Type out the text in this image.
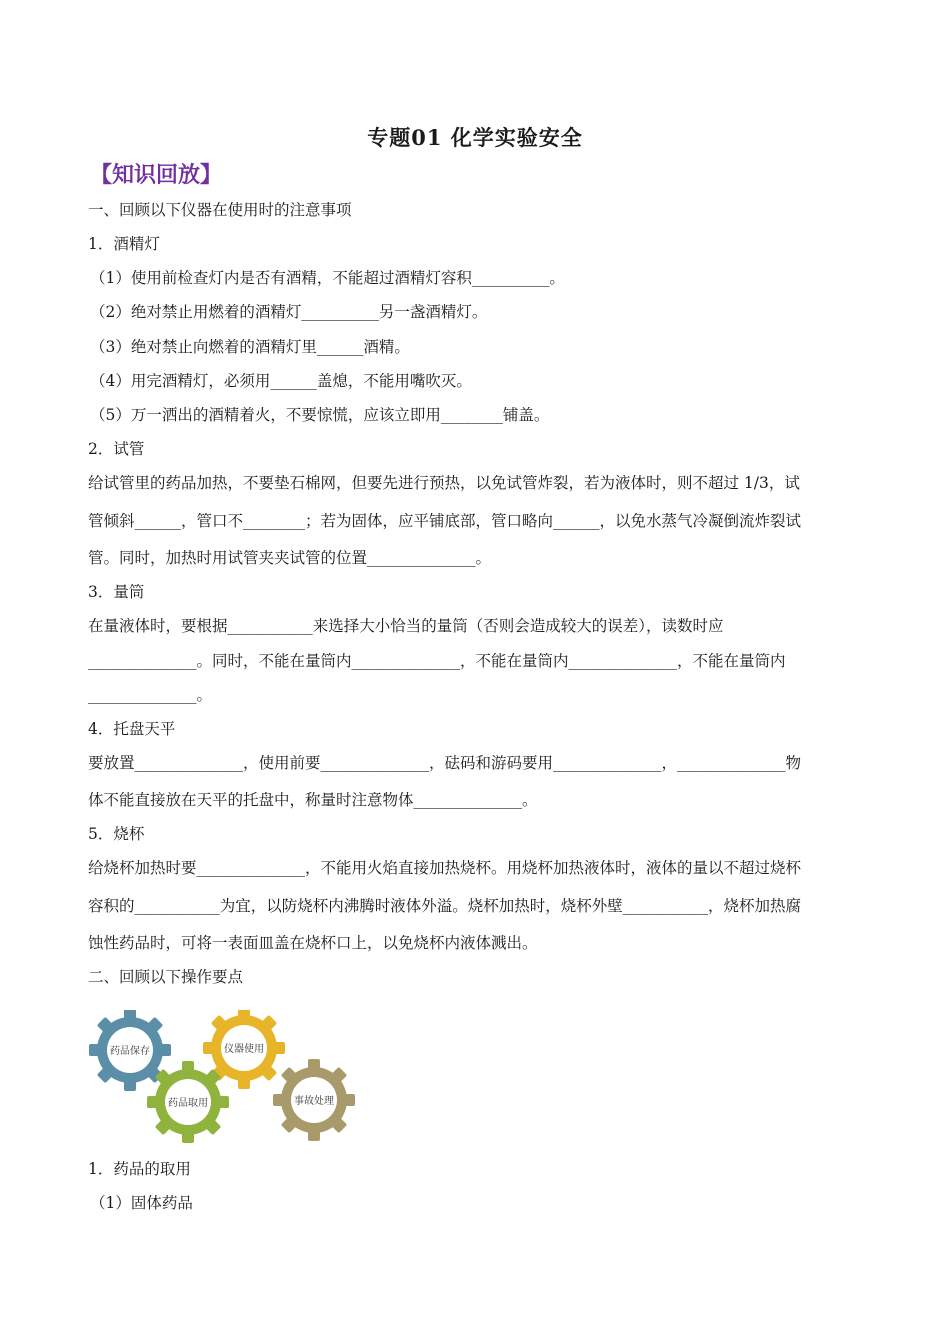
专题01 化学实验安全
【知识回放】
一、回顾以下仪器在使用时的注意事项
1．酒精灯
（1）使用前检查灯内是否有酒精，不能超过酒精灯容积__________。
（2）绝对禁止用燃着的酒精灯__________另一盏酒精灯。
（3）绝对禁止向燃着的酒精灯里______酒精。
（4）用完酒精灯，必须用______盖熄，不能用嘴吹灭。
（5）万一洒出的酒精着火，不要惊慌，应该立即用________铺盖。
2．试管
给试管里的药品加热，不要垫石棉网，但要先进行预热，以免试管炸裂，若为液体时，则不超过 1/3，试
管倾斜______，管口不________；若为固体，应平铺底部，管口略向______，以免水蒸气冷凝倒流炸裂试
管。同时，加热时用试管夹夹试管的位置______________。
3．量筒
在量液体时，要根据___________来选择大小恰当的量筒（否则会造成较大的误差），读数时应
______________。同时，不能在量筒内______________，不能在量筒内______________，不能在量筒内
______________。
4．托盘天平
要放置______________，使用前要______________，砝码和游码要用______________，______________物
体不能直接放在天平的托盘中，称量时注意物体______________。
5．烧杯
给烧杯加热时要______________，不能用火焰直接加热烧杯。用烧杯加热液体时，液体的量以不超过烧杯
容积的___________为宜，以防烧杯内沸腾时液体外溢。烧杯加热时，烧杯外壁___________，烧杯加热腐
蚀性药品时，可将一表面皿盖在烧杯口上，以免烧杯内液体溅出。
二、回顾以下操作要点
药品保存	仪器使用
药品取用	事故处理
1．药品的取用
（1）固体药品
